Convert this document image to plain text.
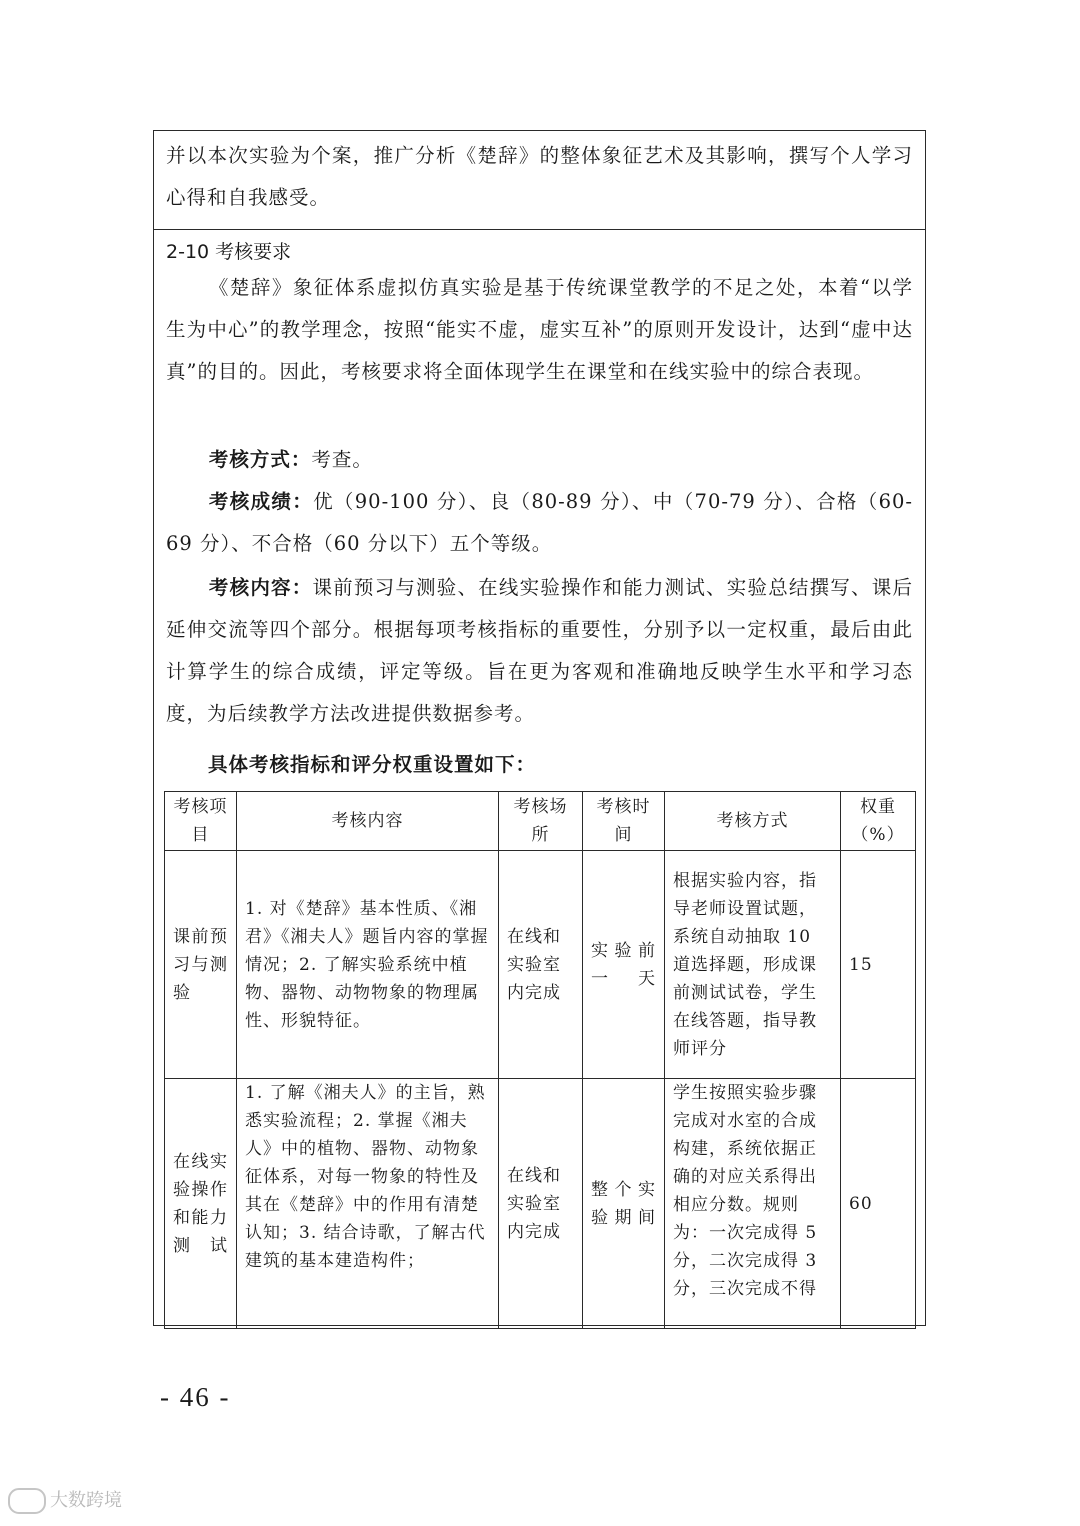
并以本次实验为个案，推广分析《楚辞》的整体象征艺术及其影响，撰写个人学习心得和自我感受。
2-10 考核要求
《楚辞》象征体系虚拟仿真实验是基于传统课堂教学的不足之处，本着“以学生为中心”的教学理念，按照“能实不虚，虚实互补”的原则开发设计，达到“虚中达真”的目的。因此，考核要求将全面体现学生在课堂和在线实验中的综合表现。
考核方式：考查。
考核成绩：优（90-100 分）、良（80-89 分）、中（70-79 分）、合格（60-69 分）、不合格（60 分以下）五个等级。
考核内容：课前预习与测验、在线实验操作和能力测试、实验总结撰写、课后延伸交流等四个部分。根据每项考核指标的重要性，分别予以一定权重，最后由此计算学生的综合成绩，评定等级。旨在更为客观和准确地反映学生水平和学习态度，为后续教学方法改进提供数据参考。
具体考核指标和评分权重设置如下：
考核项目	考核内容	考核场所	考核时间	考核方式	权重（%）
课前预习与测验	1. 对《楚辞》基本性质、《湘君》《湘夫人》题旨内容的掌握情况；2. 了解实验系统中植物、器物、动物物象的物理属性、形貌特征。	在线和实验室内完成	实验前一天	根据实验内容，指导老师设置试题，系统自动抽取 10 道选择题，形成课前测试试卷，学生在线答题，指导教师评分	15
在线实验操作和能力测试	1. 了解《湘夫人》的主旨，熟悉实验流程；2. 掌握《湘夫人》中的植物、器物、动物象征体系，对每一物象的特性及其在《楚辞》中的作用有清楚认知；3. 结合诗歌，了解古代建筑的基本建造构件；	在线和实验室内完成	整个实验期间	学生按照实验步骤完成对水室的合成构建，系统依据正确的对应关系得出相应分数。规则为：一次完成得 5 分，二次完成得 3 分，三次完成不得	60
- 46 -
大数跨境
